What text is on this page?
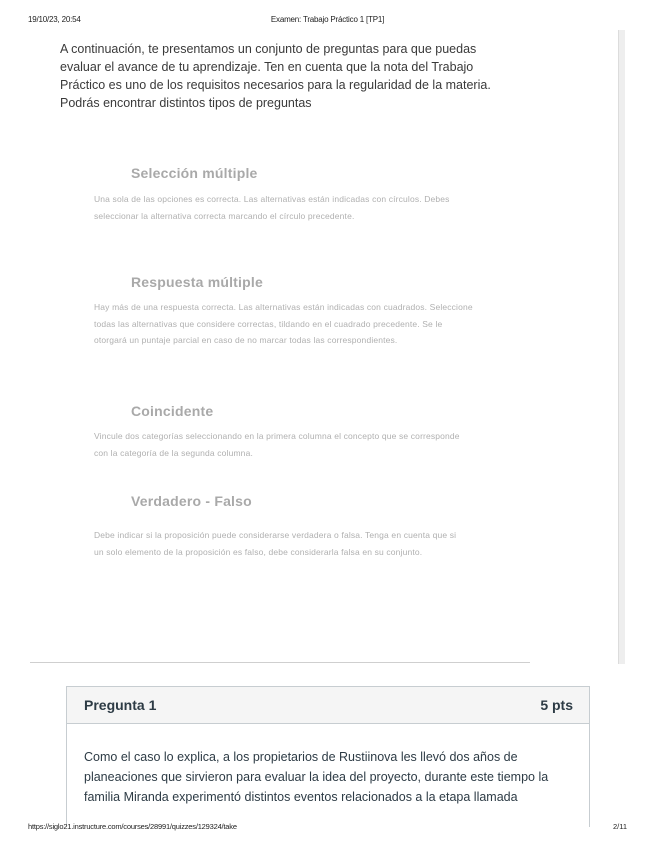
19/10/23, 20:54	Examen: Trabajo Práctico 1 [TP1]
A continuación, te presentamos un conjunto de preguntas para que puedas evaluar el avance de tu aprendizaje. Ten en cuenta que la nota del Trabajo Práctico es uno de los requisitos necesarios para la regularidad de la materia. Podrás encontrar distintos tipos de preguntas
Selección múltiple
Una sola de las opciones es correcta. Las alternativas están indicadas con círculos. Debes seleccionar la alternativa correcta marcando el círculo precedente.
Respuesta múltiple
Hay más de una respuesta correcta. Las alternativas están indicadas con cuadrados. Seleccione todas las alternativas que considere correctas, tildando en el cuadrado precedente. Se le otorgará un puntaje parcial en caso de no marcar todas las correspondientes.
Coincidente
Vincule dos categorías seleccionando en la primera columna el concepto que se corresponde con la categoría de la segunda columna.
Verdadero - Falso
Debe indicar si la proposición puede considerarse verdadera o falsa. Tenga en cuenta que si un solo elemento de la proposición es falso, debe considerarla falsa en su conjunto.
Pregunta 1	5 pts
Como el caso lo explica, a los propietarios de Rustiinova les llevó dos años de planeaciones que sirvieron para evaluar la idea del proyecto, durante este tiempo la familia Miranda experimentó distintos eventos relacionados a la etapa llamada
https://siglo21.instructure.com/courses/28991/quizzes/129324/take	2/11
